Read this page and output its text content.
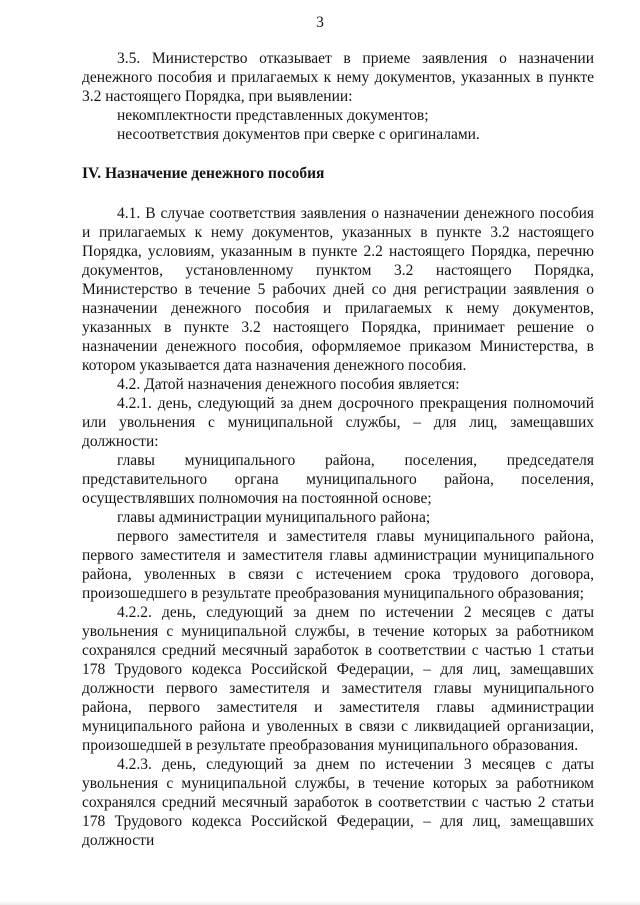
3

3.5. Министерство отказывает в приеме заявления о назначении денежного пособия и прилагаемых к нему документов, указанных в пункте 3.2 настоящего Порядка, при выявлении:

некомплектности представленных документов;

несоответствия документов при сверке с оригиналами.

IV. Назначение денежного пособия

4.1. В случае соответствия заявления о назначении денежного пособия и прилагаемых к нему документов, указанных в пункте 3.2 настоящего Порядка, условиям, указанным в пункте 2.2 настоящего Порядка, перечню документов, установленному пунктом 3.2 настоящего Порядка, Министерство в течение 5 рабочих дней со дня регистрации заявления о назначении денежного пособия и прилагаемых к нему документов, указанных в пункте 3.2 настоящего Порядка, принимает решение о назначении денежного пособия, оформляемое приказом Министерства, в котором указывается дата назначения денежного пособия.

4.2. Датой назначения денежного пособия является:

4.2.1. день, следующий за днем досрочного прекращения полномочий или увольнения с муниципальной службы, – для лиц, замещавших должности:

главы муниципального района, поселения, председателя представительного органа муниципального района, поселения, осуществлявших полномочия на постоянной основе;

главы администрации муниципального района;

первого заместителя и заместителя главы муниципального района, первого заместителя и заместителя главы администрации муниципального района, уволенных в связи с истечением срока трудового договора, произошедшего в результате преобразования муниципального образования;

4.2.2. день, следующий за днем по истечении 2 месяцев с даты увольнения с муниципальной службы, в течение которых за работником сохранялся средний месячный заработок в соответствии с частью 1 статьи 178 Трудового кодекса Российской Федерации, – для лиц, замещавших должности первого заместителя и заместителя главы муниципального района, первого заместителя и заместителя главы администрации муниципального района и уволенных в связи с ликвидацией организации, произошедшей в результате преобразования муниципального образования.

4.2.3. день, следующий за днем по истечении 3 месяцев с даты увольнения с муниципальной службы, в течение которых за работником сохранялся средний месячный заработок в соответствии с частью 2 статьи 178 Трудового кодекса Российской Федерации, – для лиц, замещавших должности
